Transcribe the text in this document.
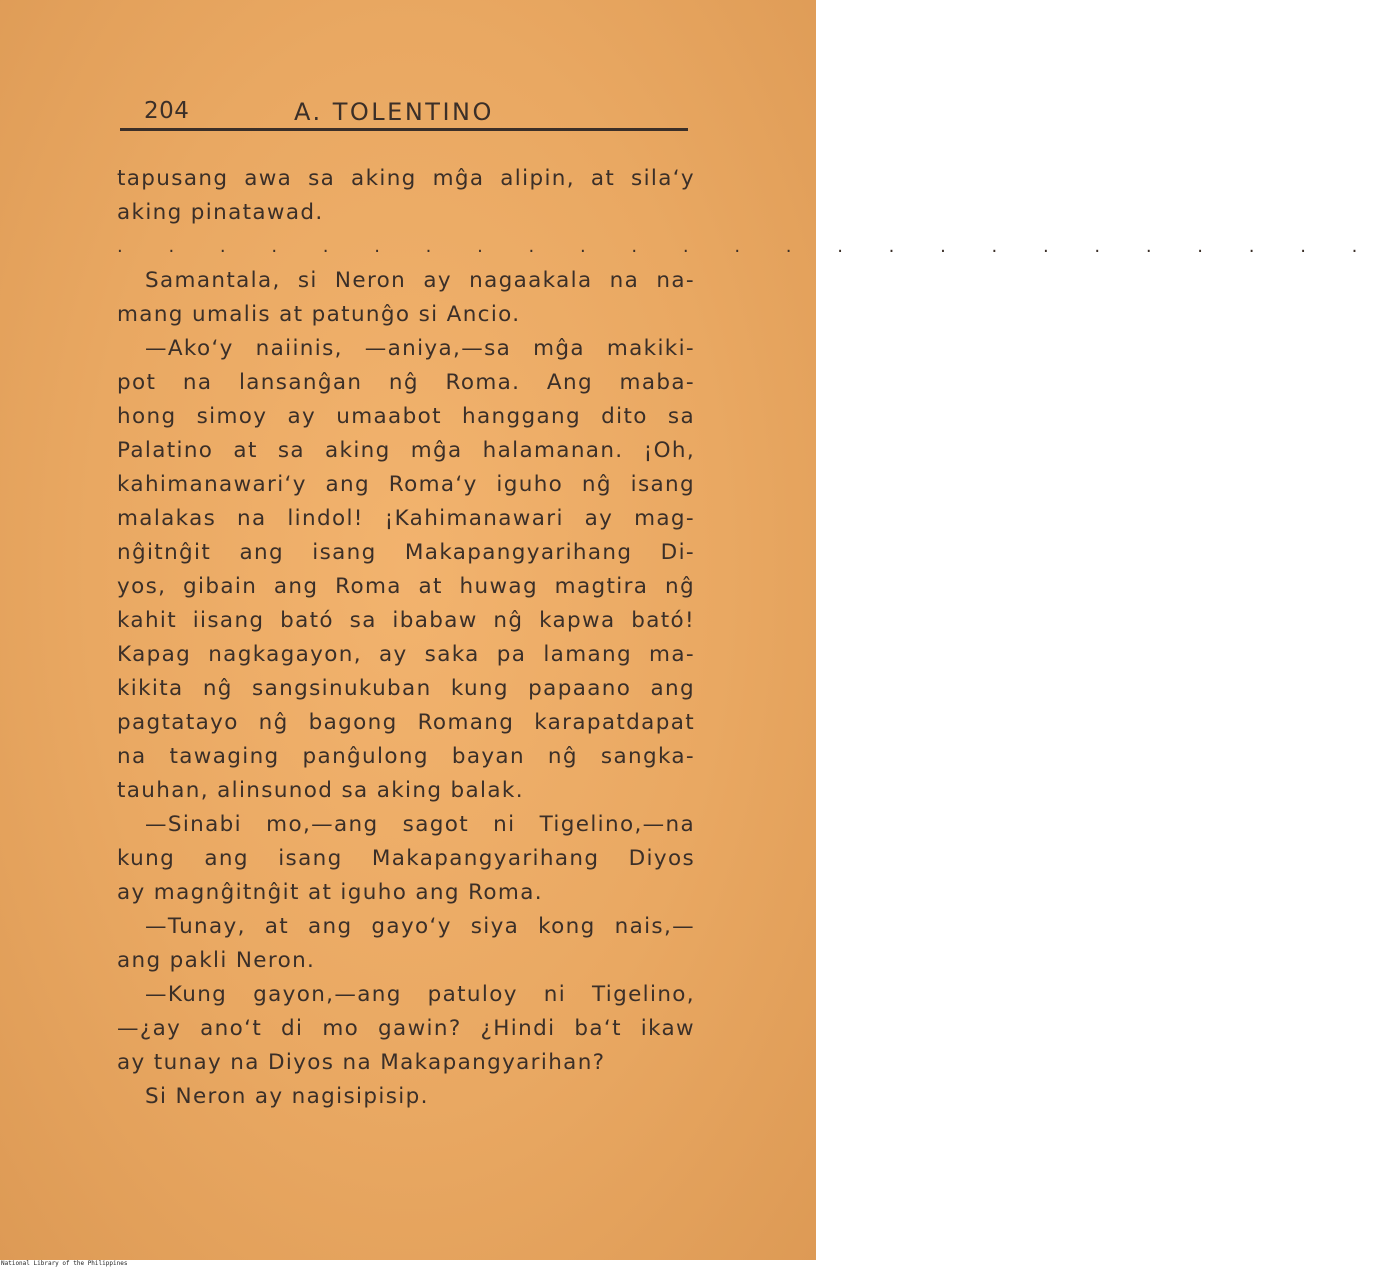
204	A. TOLENTINO
tapusang awa sa aking mĝa alipin, at sila‘y
aking pinatawad.
. . . . . . . . . . . . . . . . . . . . . . . . .
Samantala, si Neron ay nagaakala na na-
mang umalis at patunĝo si Ancio.
—Ako‘y naiinis, —aniya,—sa mĝa makiki-
pot na lansanĝan nĝ Roma. Ang maba-
hong simoy ay umaabot hanggang dito sa
Palatino at sa aking mĝa halamanan. ¡Oh,
kahimanawari‘y ang Roma‘y iguho nĝ isang
malakas na lindol! ¡Kahimanawari ay mag-
nĝitnĝit ang isang Makapangyarihang Di-
yos, gibain ang Roma at huwag magtira nĝ
kahit iisang bató sa ibabaw nĝ kapwa bató!
Kapag nagkagayon, ay saka pa lamang ma-
kikita nĝ sangsinukuban kung papaano ang
pagtatayo nĝ bagong Romang karapatdapat
na tawaging panĝulong bayan nĝ sangka-
tauhan, alinsunod sa aking balak.
—Sinabi mo,—ang sagot ni Tigelino,—na
kung ang isang Makapangyarihang Diyos
ay magnĝitnĝit at iguho ang Roma.
—Tunay, at ang gayo‘y siya kong nais,—
ang pakli Neron.
—Kung gayon,—ang patuloy ni Tigelino,
—¿ay ano‘t di mo gawin? ¿Hindi ba‘t ikaw
ay tunay na Diyos na Makapangyarihan?
Si Neron ay nagisipisip.
National Library of the Philippines
